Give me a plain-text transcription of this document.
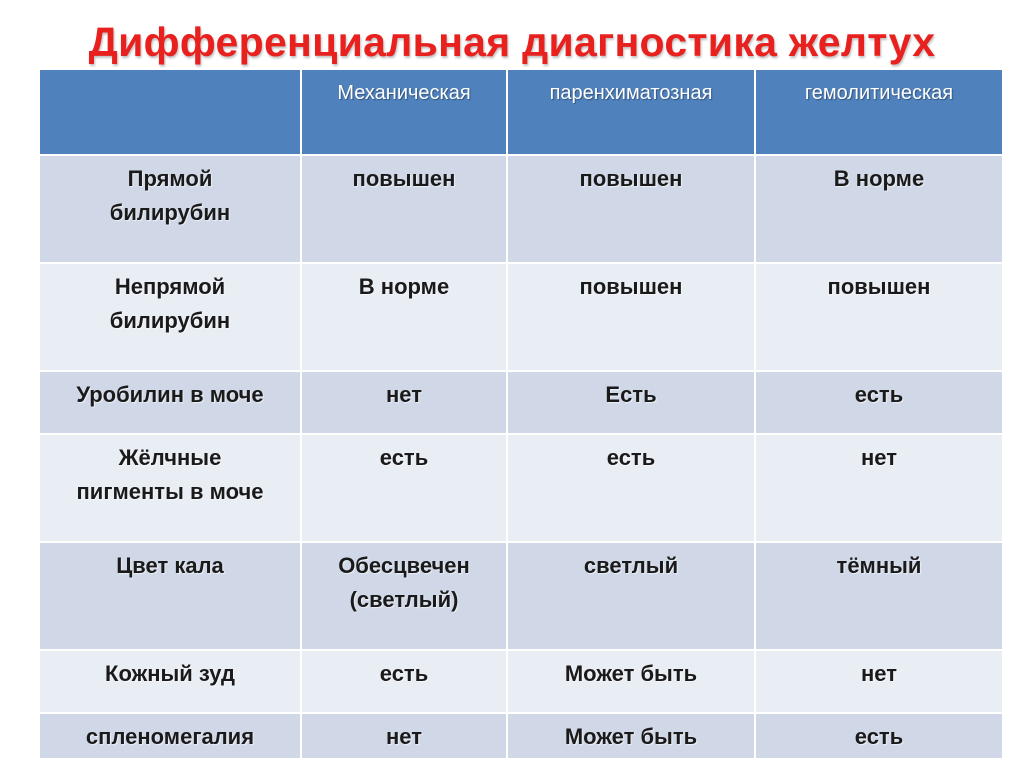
Дифференциальная диагностика желтух
	Механическая	паренхиматозная	гемолитическая
Прямой билирубин	повышен	повышен	В норме
Непрямой билирубин	В норме	повышен	повышен
Уробилин в моче	нет	Есть	есть
Жёлчные пигменты в моче	есть	есть	нет
Цвет кала	Обесцвечен (светлый)	светлый	тёмный
Кожный зуд	есть	Может быть	нет
спленомегалия	нет	Может быть	есть
